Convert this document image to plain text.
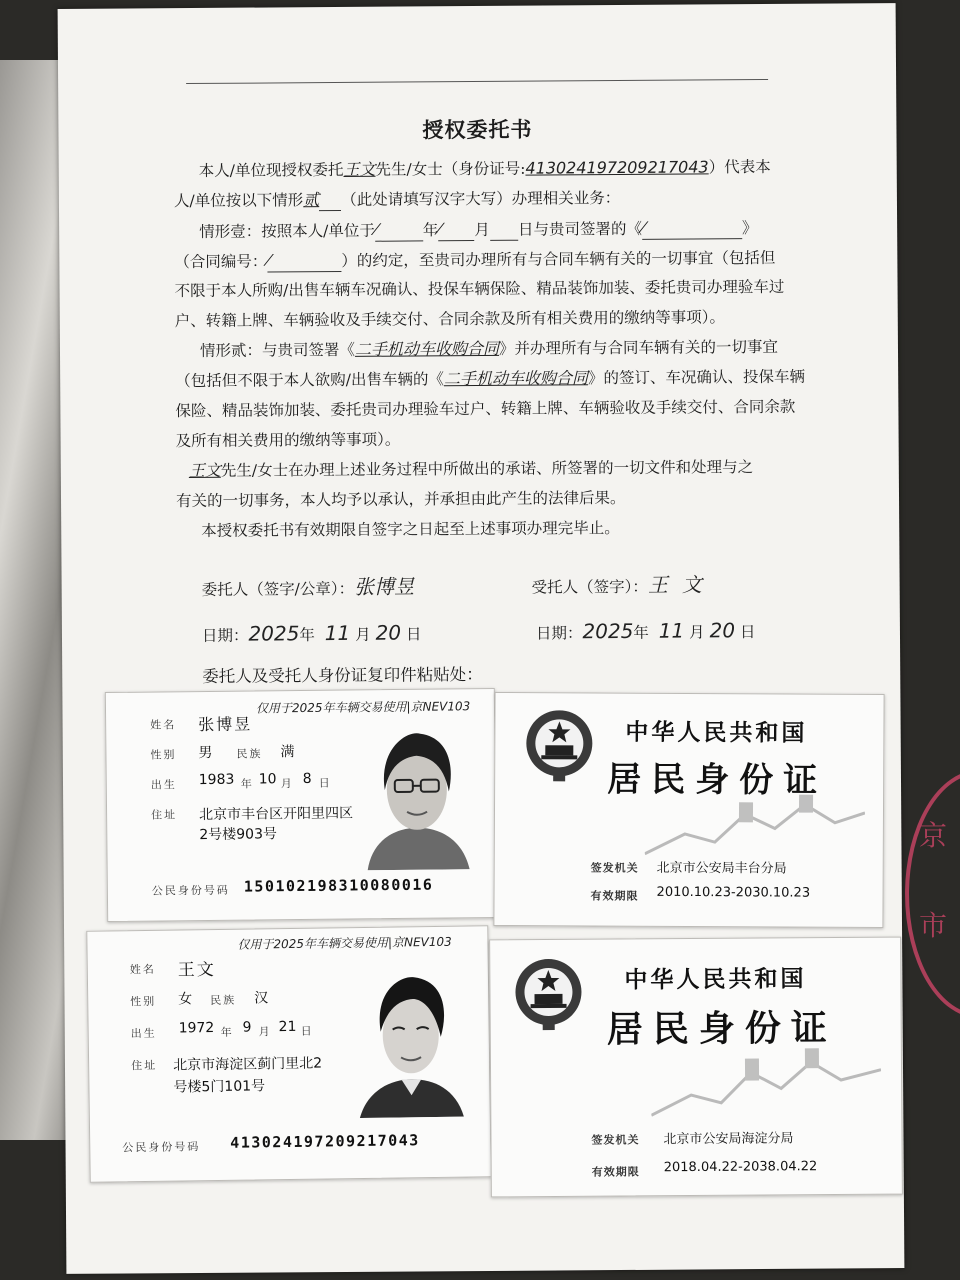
京
市
授权委托书
本人/单位现授权委托王文先生/女士（身份证号:413024197209217043）代表本
人/单位按以下情形贰 （此处请填写汉字大写）办理相关业务：
情形壹：按照本人/单位于⁄	年⁄ 月 日与贵司签署的《⁄	》
（合同编号：⁄	）的约定，至贵司办理所有与合同车辆有关的一切事宜（包括但
不限于本人所购/出售车辆车况确认、投保车辆保险、精品装饰加装、委托贵司办理验车过
户、转籍上牌、车辆验收及手续交付、合同余款及所有相关费用的缴纳等事项）。
情形贰：与贵司签署《二手机动车收购合同》并办理所有与合同车辆有关的一切事宜
（包括但不限于本人欲购/出售车辆的《二手机动车收购合同》的签订、车况确认、投保车辆
保险、精品装饰加装、委托贵司办理验车过户、转籍上牌、车辆验收及手续交付、合同余款
及所有相关费用的缴纳等事项）。
王文先生/女士在办理上述业务过程中所做出的承诺、所签署的一切文件和处理与之
有关的一切事务，本人均予以承认，并承担由此产生的法律后果。
本授权委托书有效期限自签字之日起至上述事项办理完毕止。
委托人（签字/公章）：张博昱	受托人（签字）：王文
日期：2025年 11 月 20 日	日期：2025年 11 月 20 日
委托人及受托人身份证复印件粘贴处：
仅用于2025年车辆交易使用|京NEV103
姓名 张博昱
性别 男 民族 满
出生 1983 年 10 月 8 日
住址 北京市丰台区开阳里四区
2号楼903号
公民身份号码 150102198310080016
中华人民共和国
居民身份证
签发机关 北京市公安局丰台分局
有效期限 2010.10.23-2030.10.23
仅用于2025年车辆交易使用|京NEV103
姓名 王文
性别 女 民族 汉
出生 1972 年 9 月 21 日
住址 北京市海淀区蓟门里北2
号楼5门101号
公民身份号码 413024197209217043
中华人民共和国
居民身份证
签发机关 北京市公安局海淀分局
有效期限 2018.04.22-2038.04.22
